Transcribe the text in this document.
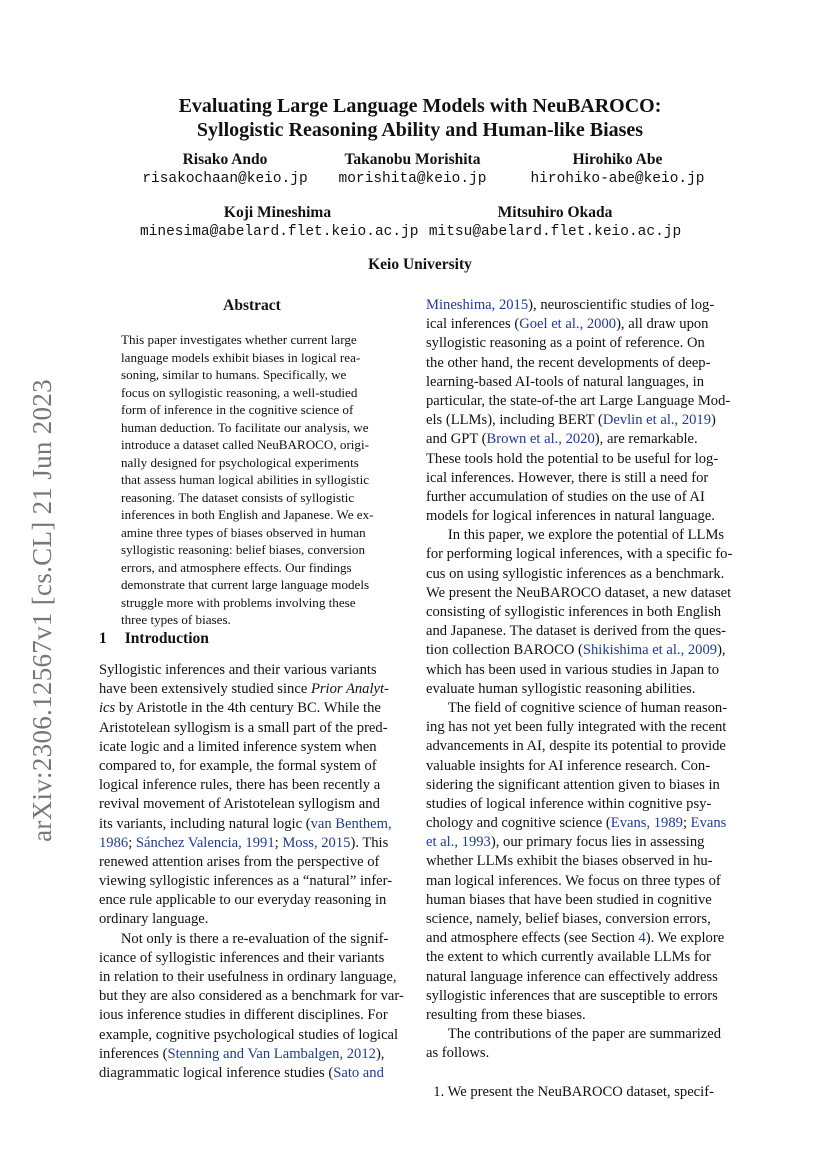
arXiv:2306.12567v1 [cs.CL] 21 Jun 2023
Evaluating Large Language Models with NeuBAROCO:
Syllogistic Reasoning Ability and Human-like Biases
Risako Ando
risakochaan@keio.jp
Takanobu Morishita
morishita@keio.jp
Hirohiko Abe
hirohiko-abe@keio.jp
Koji Mineshima
minesima@abelard.flet.keio.ac.jp
Mitsuhiro Okada
mitsu@abelard.flet.keio.ac.jp
Keio University
Abstract
This paper investigates whether current large
language models exhibit biases in logical rea-
soning, similar to humans. Specifically, we
focus on syllogistic reasoning, a well-studied
form of inference in the cognitive science of
human deduction. To facilitate our analysis, we
introduce a dataset called NeuBAROCO, origi-
nally designed for psychological experiments
that assess human logical abilities in syllogistic
reasoning. The dataset consists of syllogistic
inferences in both English and Japanese. We ex-
amine three types of biases observed in human
syllogistic reasoning: belief biases, conversion
errors, and atmosphere effects. Our findings
demonstrate that current large language models
struggle more with problems involving these
three types of biases.
1 Introduction
Syllogistic inferences and their various variants
have been extensively studied since Prior Analyt-
ics by Aristotle in the 4th century BC. While the
Aristotelean syllogism is a small part of the pred-
icate logic and a limited inference system when
compared to, for example, the formal system of
logical inference rules, there has been recently a
revival movement of Aristotelean syllogism and
its variants, including natural logic (van Benthem,
1986; Sánchez Valencia, 1991; Moss, 2015). This
renewed attention arises from the perspective of
viewing syllogistic inferences as a “natural” infer-
ence rule applicable to our everyday reasoning in
ordinary language.
  Not only is there a re-evaluation of the signif-
icance of syllogistic inferences and their variants
in relation to their usefulness in ordinary language,
but they are also considered as a benchmark for var-
ious inference studies in different disciplines. For
example, cognitive psychological studies of logical
inferences (Stenning and Van Lambalgen, 2012),
diagrammatic logical inference studies (Sato and
Mineshima, 2015), neuroscientific studies of log-
ical inferences (Goel et al., 2000), all draw upon
syllogistic reasoning as a point of reference. On
the other hand, the recent developments of deep-
learning-based AI-tools of natural languages, in
particular, the state-of-the art Large Language Mod-
els (LLMs), including BERT (Devlin et al., 2019)
and GPT (Brown et al., 2020), are remarkable.
These tools hold the potential to be useful for log-
ical inferences. However, there is still a need for
further accumulation of studies on the use of AI
models for logical inferences in natural language.
  In this paper, we explore the potential of LLMs
for performing logical inferences, with a specific fo-
cus on using syllogistic inferences as a benchmark.
We present the NeuBAROCO dataset, a new dataset
consisting of syllogistic inferences in both English
and Japanese. The dataset is derived from the ques-
tion collection BAROCO (Shikishima et al., 2009),
which has been used in various studies in Japan to
evaluate human syllogistic reasoning abilities.
  The field of cognitive science of human reason-
ing has not yet been fully integrated with the recent
advancements in AI, despite its potential to provide
valuable insights for AI inference research. Con-
sidering the significant attention given to biases in
studies of logical inference within cognitive psy-
chology and cognitive science (Evans, 1989; Evans
et al., 1993), our primary focus lies in assessing
whether LLMs exhibit the biases observed in hu-
man logical inferences. We focus on three types of
human biases that have been studied in cognitive
science, namely, belief biases, conversion errors,
and atmosphere effects (see Section 4). We explore
the extent to which currently available LLMs for
natural language inference can effectively address
syllogistic inferences that are susceptible to errors
resulting from these biases.
  The contributions of the paper are summarized
as follows.
 1. We present the NeuBAROCO dataset, specif-
